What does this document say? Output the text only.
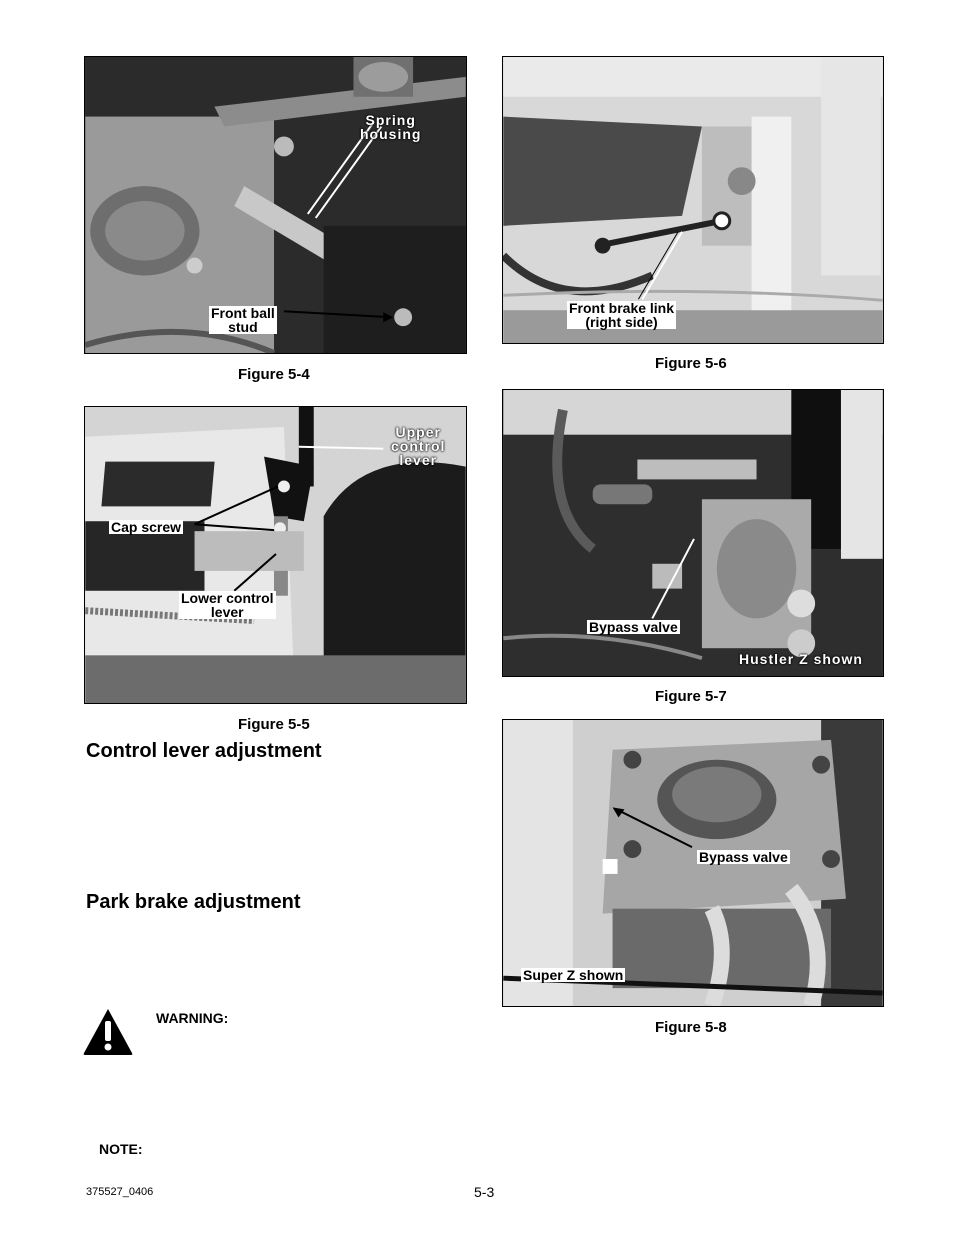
Spring
housing
Front ball
stud
Figure 5-4
Front brake link
(right side)
Figure 5-6
Upper
control
lever
Cap screw
Lower control
lever
Figure 5-5
Bypass valve
Hustler Z shown
Figure 5-7
Bypass valve
Super Z shown
Figure 5-8
Control lever adjustment
Park brake adjustment
WARNING:
NOTE:
375527_0406	5-3
